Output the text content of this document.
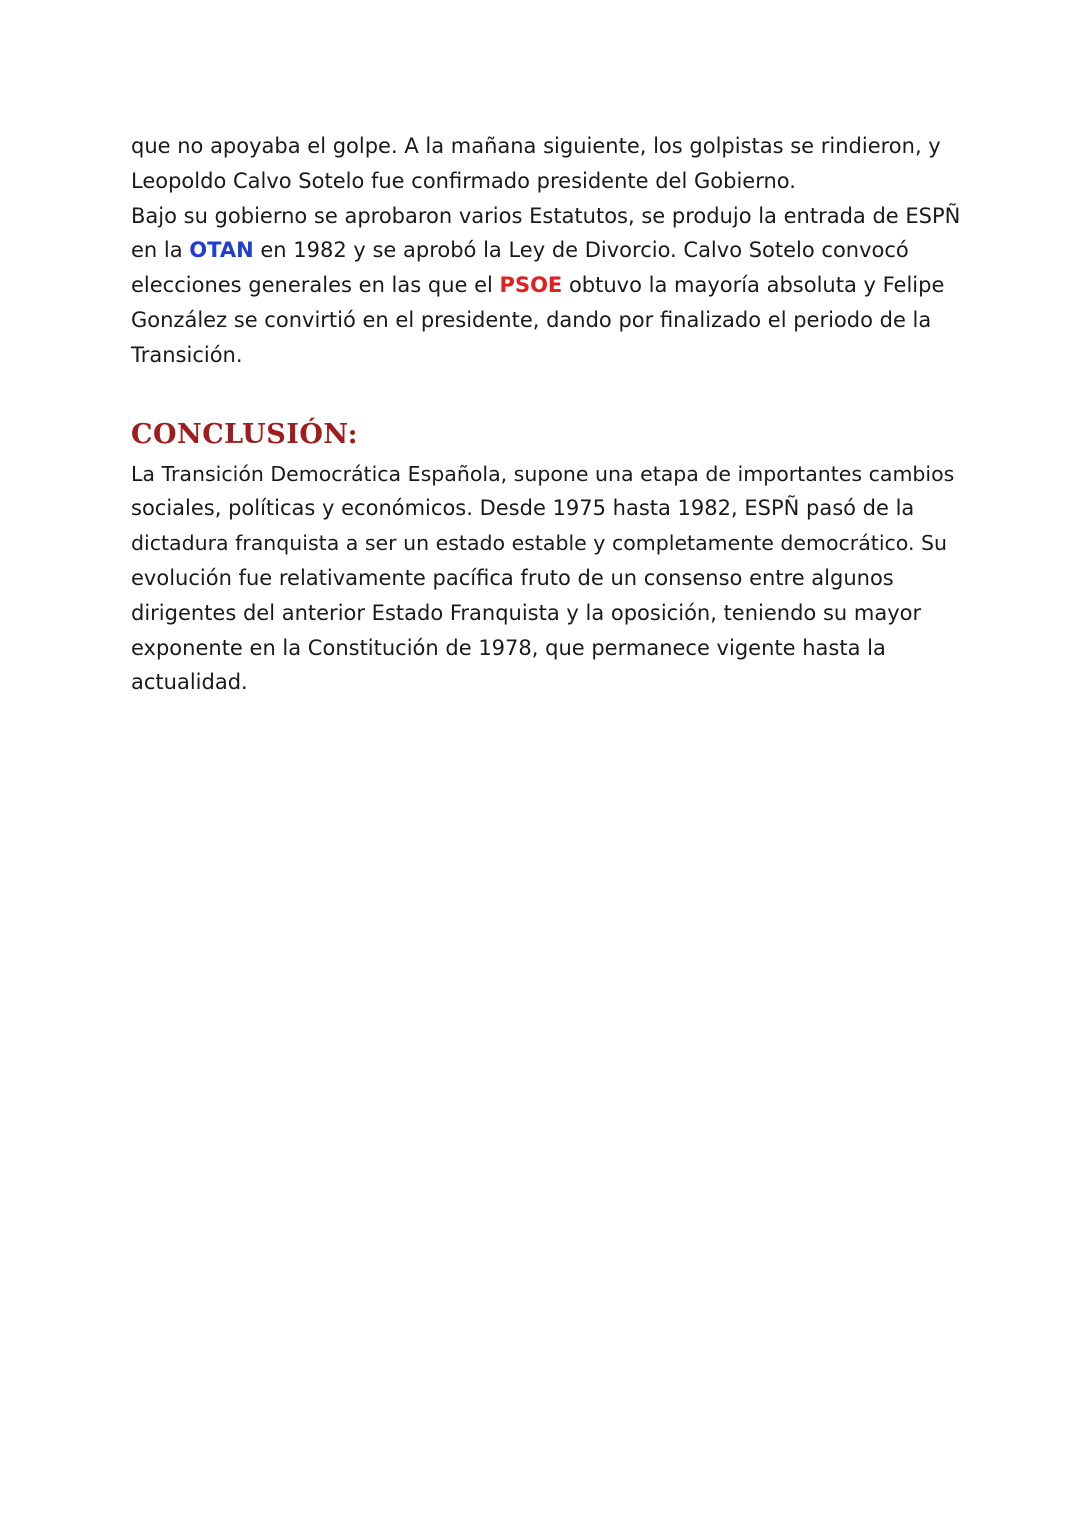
que no apoyaba el golpe. A la mañana siguiente, los golpistas se rindieron, y
Leopoldo Calvo Sotelo fue confirmado presidente del Gobierno.

Bajo su gobierno se aprobaron varios Estatutos, se produjo la entrada de ESPÑ
en la OTAN en 1982 y se aprobó la Ley de Divorcio. Calvo Sotelo convocó
elecciones generales en las que el PSOE obtuvo la mayoría absoluta y Felipe
González se convirtió en el presidente, dando por finalizado el periodo de la
Transición.

CONCLUSIÓN:

La Transición Democrática Española, supone una etapa de importantes cambios
sociales, políticas y económicos. Desde 1975 hasta 1982, ESPÑ pasó de la
dictadura franquista a ser un estado estable y completamente democrático. Su
evolución fue relativamente pacífica fruto de un consenso entre algunos
dirigentes del anterior Estado Franquista y la oposición, teniendo su mayor
exponente en la Constitución de 1978, que permanece vigente hasta la
actualidad.
